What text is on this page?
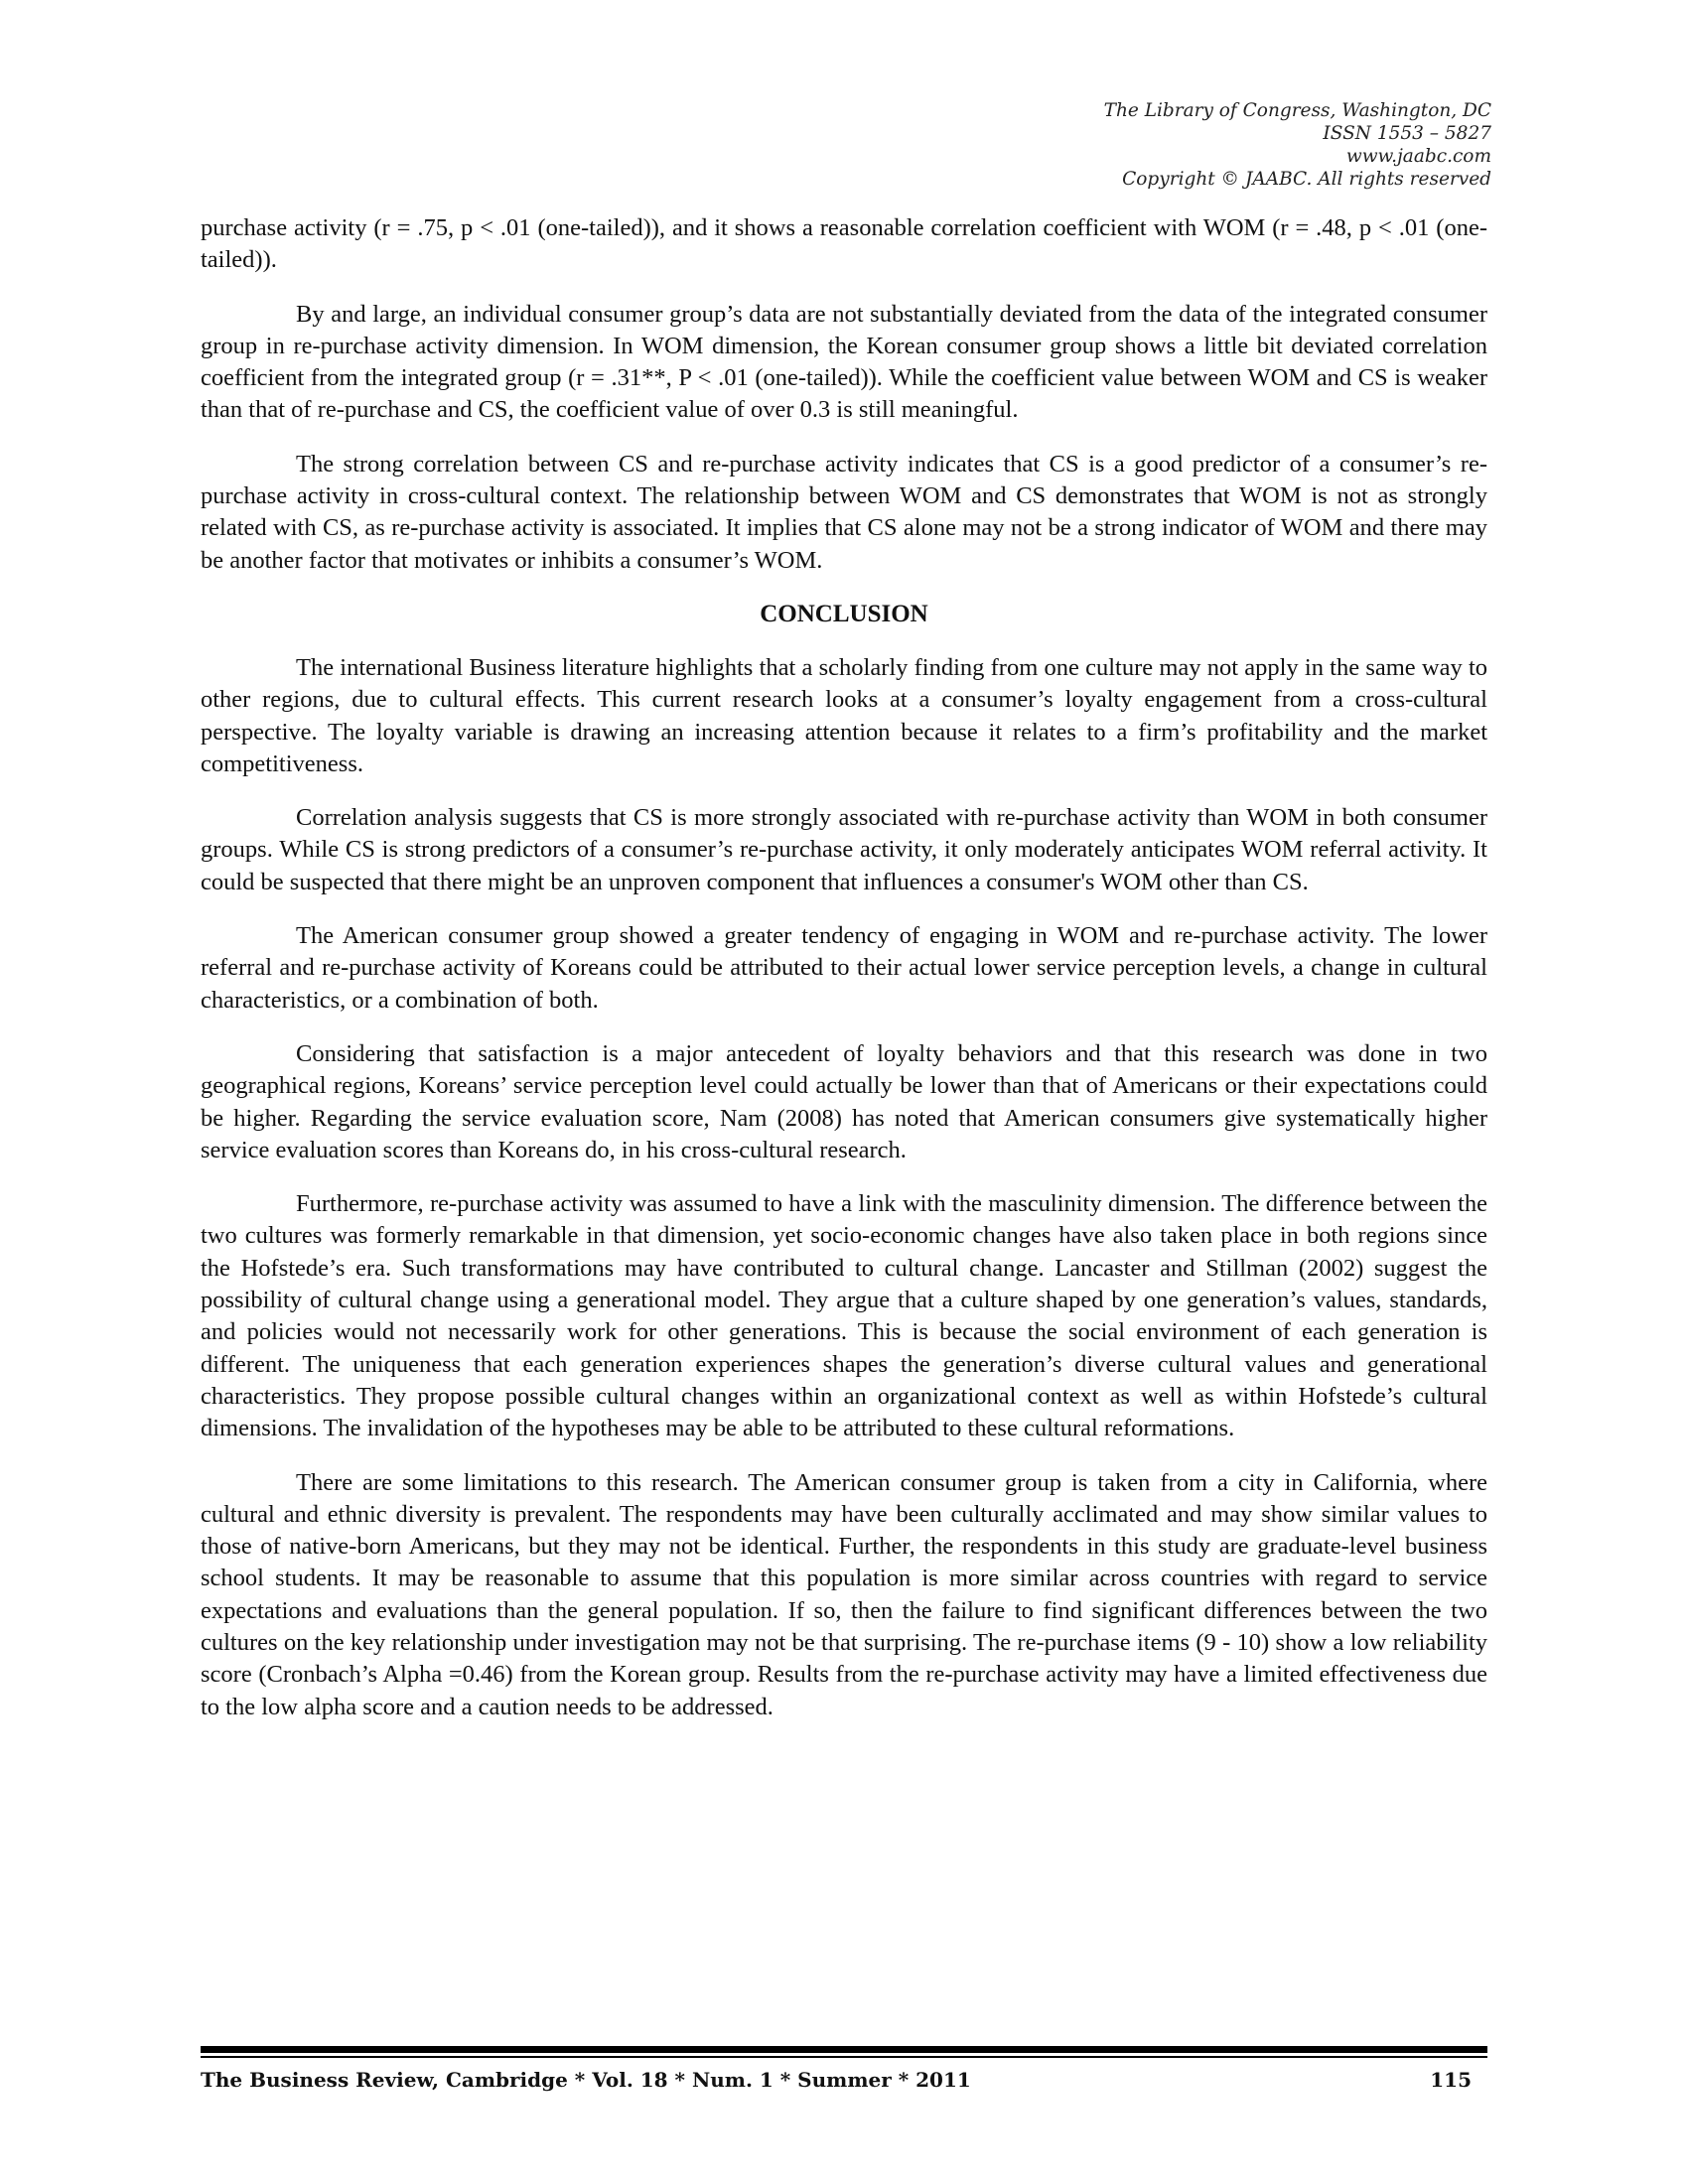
The Library of Congress, Washington, DC
ISSN 1553 – 5827
www.jaabc.com
Copyright © JAABC. All rights reserved

purchase activity (r = .75, p < .01 (one-tailed)), and it shows a reasonable correlation coefficient with WOM (r = .48, p < .01 (one-tailed)).

By and large, an individual consumer group’s data are not substantially deviated from the data of the integrated consumer group in re-purchase activity dimension. In WOM dimension, the Korean consumer group shows a little bit deviated correlation coefficient from the integrated group (r = .31**, P < .01 (one-tailed)). While the coefficient value between WOM and CS is weaker than that of re-purchase and CS, the coefficient value of over 0.3 is still meaningful.

The strong correlation between CS and re-purchase activity indicates that CS is a good predictor of a consumer’s re-purchase activity in cross-cultural context. The relationship between WOM and CS demonstrates that WOM is not as strongly related with CS, as re-purchase activity is associated. It implies that CS alone may not be a strong indicator of WOM and there may be another factor that motivates or inhibits a consumer’s WOM.

CONCLUSION

The international Business literature highlights that a scholarly finding from one culture may not apply in the same way to other regions, due to cultural effects. This current research looks at a consumer’s loyalty engagement from a cross-cultural perspective. The loyalty variable is drawing an increasing attention because it relates to a firm’s profitability and the market competitiveness.

Correlation analysis suggests that CS is more strongly associated with re-purchase activity than WOM in both consumer groups. While CS is strong predictors of a consumer’s re-purchase activity, it only moderately anticipates WOM referral activity. It could be suspected that there might be an unproven component that influences a consumer's WOM other than CS.

The American consumer group showed a greater tendency of engaging in WOM and re-purchase activity. The lower referral and re-purchase activity of Koreans could be attributed to their actual lower service perception levels, a change in cultural characteristics, or a combination of both.

Considering that satisfaction is a major antecedent of loyalty behaviors and that this research was done in two geographical regions, Koreans’ service perception level could actually be lower than that of Americans or their expectations could be higher. Regarding the service evaluation score, Nam (2008) has noted that American consumers give systematically higher service evaluation scores than Koreans do, in his cross-cultural research.

Furthermore, re-purchase activity was assumed to have a link with the masculinity dimension. The difference between the two cultures was formerly remarkable in that dimension, yet socio-economic changes have also taken place in both regions since the Hofstede’s era. Such transformations may have contributed to cultural change. Lancaster and Stillman (2002) suggest the possibility of cultural change using a generational model. They argue that a culture shaped by one generation’s values, standards, and policies would not necessarily work for other generations. This is because the social environment of each generation is different. The uniqueness that each generation experiences shapes the generation’s diverse cultural values and generational characteristics. They propose possible cultural changes within an organizational context as well as within Hofstede’s cultural dimensions. The invalidation of the hypotheses may be able to be attributed to these cultural reformations.

There are some limitations to this research. The American consumer group is taken from a city in California, where cultural and ethnic diversity is prevalent. The respondents may have been culturally acclimated and may show similar values to those of native-born Americans, but they may not be identical. Further, the respondents in this study are graduate-level business school students. It may be reasonable to assume that this population is more similar across countries with regard to service expectations and evaluations than the general population. If so, then the failure to find significant differences between the two cultures on the key relationship under investigation may not be that surprising. The re-purchase items (9 - 10) show a low reliability score (Cronbach’s Alpha =0.46) from the Korean group. Results from the re-purchase activity may have a limited effectiveness due to the low alpha score and a caution needs to be addressed.

The Business Review, Cambridge * Vol. 18 * Num. 1 * Summer * 2011	115
